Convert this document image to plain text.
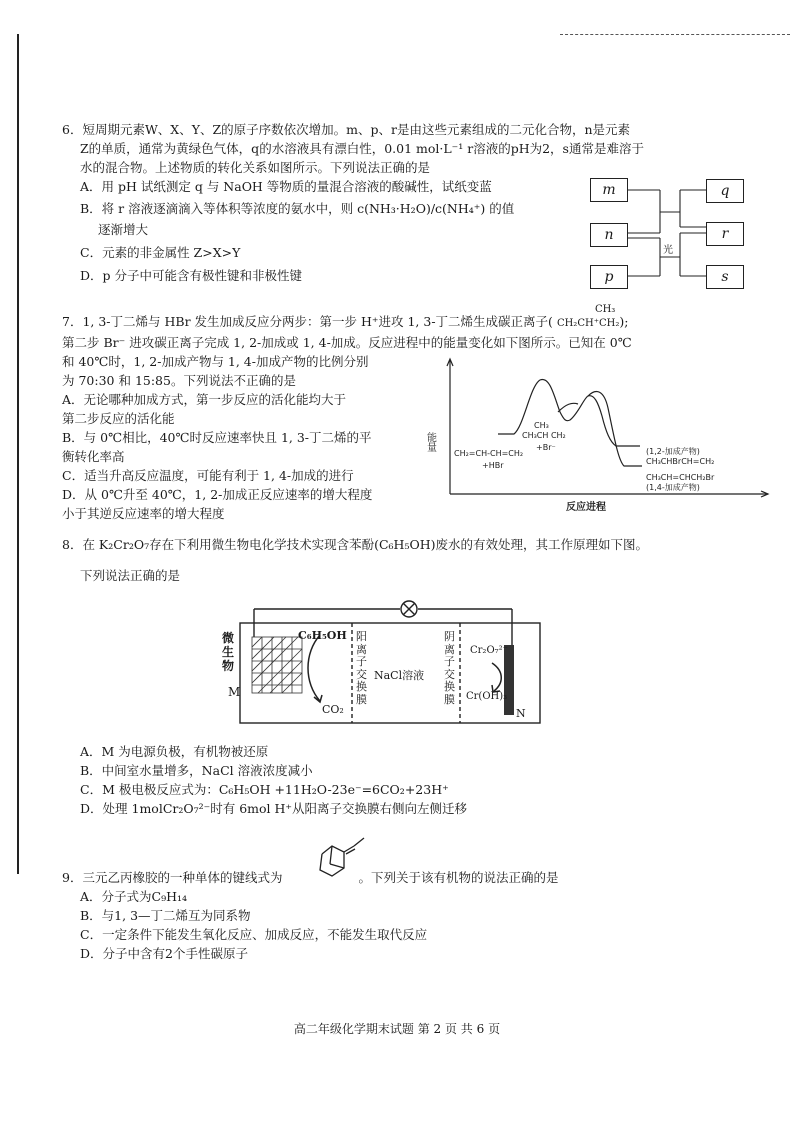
6．短周期元素W、X、Y、Z的原子序数依次增加。m、p、r是由这些元素组成的二元化合物，n是元素
Z的单质，通常为黄绿色气体，q的水溶液具有漂白性，0.01 mol·L⁻¹ r溶液的pH为2，s通常是难溶于
水的混合物。上述物质的转化关系如图所示。下列说法正确的是
A．用 pH 试纸测定 q 与 NaOH 等物质的量混合溶液的酸碱性，试纸变蓝
B．将 r 溶液逐滴滴入等体积等浓度的氨水中，则 c(NH₃·H₂O)/c(NH₄⁺) 的值
逐渐增大
C．元素的非金属性 Z>X>Y
D．p 分子中可能含有极性键和非极性键
光
m
n
p
q
r
s
7．1, 3-丁二烯与 HBr 发生加成反应分两步：第一步 H⁺进攻 1, 3-丁二烯生成碳正离子(
CH₃
CH₂CH⁺CH₂);
第二步 Br⁻ 进攻碳正离子完成 1, 2-加成或 1, 4-加成。反应进程中的能量变化如下图所示。已知在 0℃
和 40℃时，1, 2-加成产物与 1, 4-加成产物的比例分别
为 70:30 和 15:85。下列说法不正确的是
A．无论哪种加成方式，第一步反应的活化能均大于
第二步反应的活化能
B．与 0℃相比，40℃时反应速率快且 1, 3-丁二烯的平
衡转化率高
C．适当升高反应温度，可能有利于 1, 4-加成的进行
D．从 0℃升至 40℃，1, 2-加成正反应速率的增大程度
小于其逆反应速率的增大程度
能量
反应进程
CH₂=CH-CH=CH₂
+HBr
CH₃
CH₃CH CH₂
+Br⁻	(1,2-加成产物)
CH₃CHBrCH=CH₂
CH₃CH=CHCH₂Br
(1,4-加成产物)
8．在 K₂Cr₂O₇存在下利用微生物电化学技术实现含苯酚(C₆H₅OH)废水的有效处理，其工作原理如下图。
下列说法正确的是
微生物
M
C₆H₅OH
CO₂
阳离子交换膜
NaCl溶液
阴离子交换膜
Cr₂O₇²⁻
Cr(OH)₃
N
A．M 为电源负极，有机物被还原
B．中间室水量增多，NaCl 溶液浓度减小
C．M 极电极反应式为：C₆H₅OH +11H₂O-23e⁻=6CO₂+23H⁺
D．处理 1molCr₂O₇²⁻时有 6mol H⁺从阳离子交换膜右侧向左侧迁移
9．三元乙丙橡胶的一种单体的键线式为	。下列关于该有机物的说法正确的是
A．分子式为C₉H₁₄
B．与1, 3—丁二烯互为同系物
C．一定条件下能发生氧化反应、加成反应，不能发生取代反应
D．分子中含有2个手性碳原子
高二年级化学期末试题 第 2 页 共 6 页
